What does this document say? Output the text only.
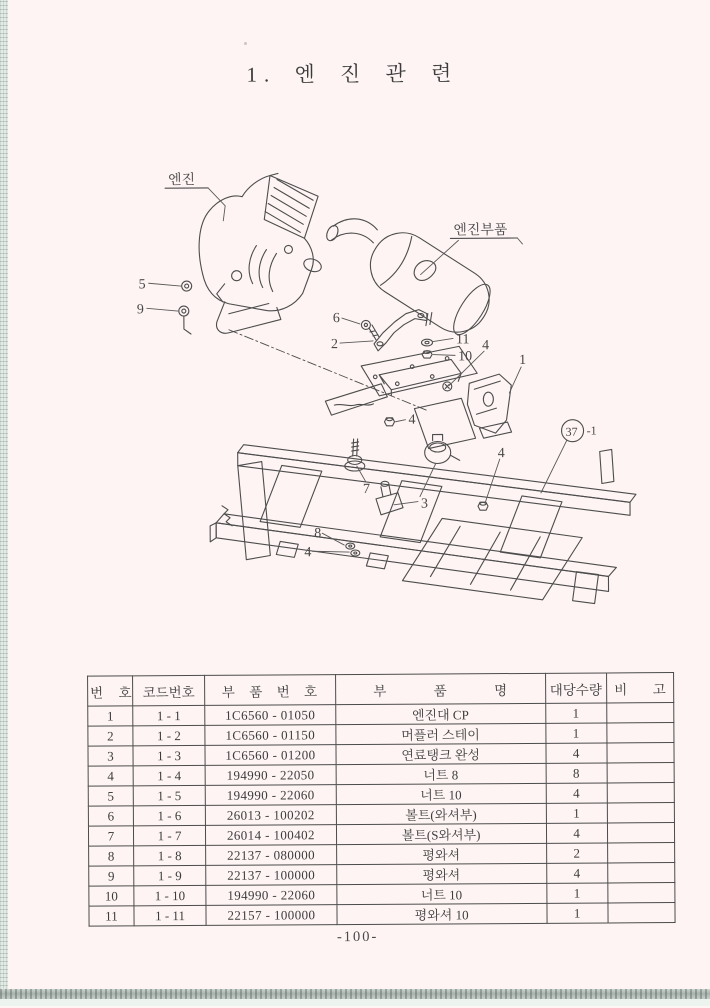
1. 엔 진 관 련
엔진
엔진부품
37 -1
5
9
6
2	11
10
4
1
4
7
3
4
8
4
번 호	코드번호	부 품 번 호	부 품 명	대당수량	비 고
1	1 - 1	1C6560 - 01050	엔진대 CP	1	
2	1 - 2	1C6560 - 01150	머플러 스테이	1	
3	1 - 3	1C6560 - 01200	연료탱크 완성	4	
4	1 - 4	194990 - 22050	너트 8	8	
5	1 - 5	194990 - 22060	너트 10	4	
6	1 - 6	26013 - 100202	볼트(와셔부)	1	
7	1 - 7	26014 - 100402	볼트(S와셔부)	4	
8	1 - 8	22137 - 080000	평와셔	2	
9	1 - 9	22137 - 100000	평와셔	4	
10	1 - 10	194990 - 22060	너트 10	1	
11	1 - 11	22157 - 100000	평와셔 10	1	
-100-
